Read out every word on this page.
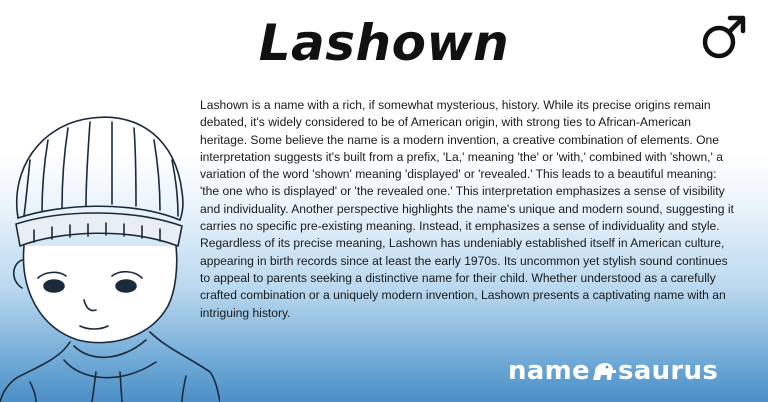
Lashown
Lashown is a name with a rich, if somewhat mysterious, history. While its precise origins remain debated, it's widely considered to be of American origin, with strong ties to African-American heritage. Some believe the name is a modern invention, a creative combination of elements. One interpretation suggests it's built from a prefix, 'La,' meaning 'the' or 'with,' combined with 'shown,' a variation of the word 'shown' meaning 'displayed' or 'revealed.' This leads to a beautiful meaning: 'the one who is displayed' or 'the revealed one.' This interpretation emphasizes a sense of visibility and individuality. Another perspective highlights the name's unique and modern sound, suggesting it carries no specific pre-existing meaning. Instead, it emphasizes a sense of individuality and style. Regardless of its precise meaning, Lashown has undeniably established itself in American culture, appearing in birth records since at least the early 1970s. Its uncommon yet stylish sound continues to appeal to parents seeking a distinctive name for their child. Whether understood as a carefully crafted combination or a uniquely modern invention, Lashown presents a captivating name with an intriguing history.
name saurus
